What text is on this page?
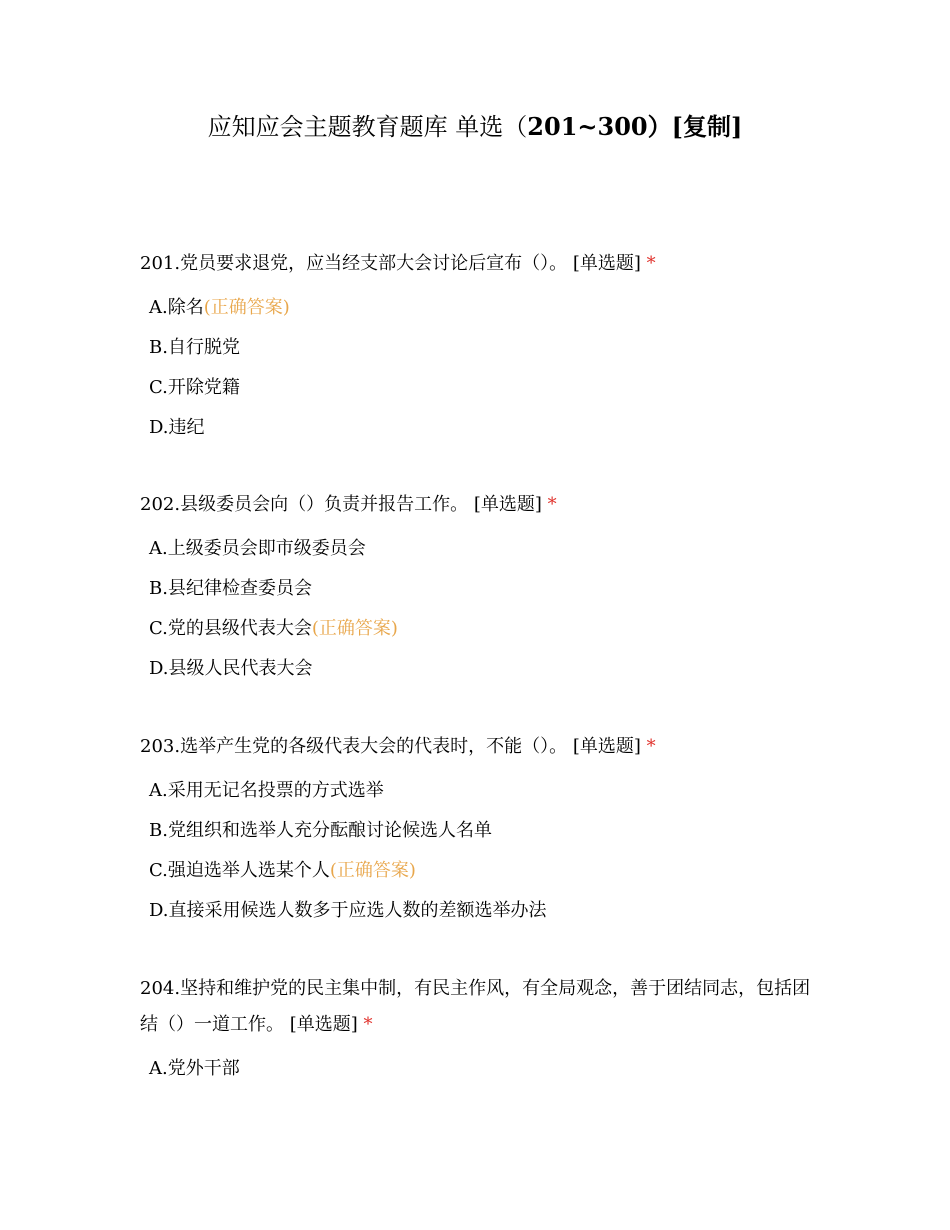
应知应会主题教育题库 单选（201~300）[复制]
201.党员要求退党，应当经支部大会讨论后宣布（）。 [单选题] *
A.除名(正确答案)
B.自行脱党
C.开除党籍
D.违纪
202.县级委员会向（）负责并报告工作。 [单选题] *
A.上级委员会即市级委员会
B.县纪律检查委员会
C.党的县级代表大会(正确答案)
D.县级人民代表大会
203.选举产生党的各级代表大会的代表时，不能（）。 [单选题] *
A.采用无记名投票的方式选举
B.党组织和选举人充分酝酿讨论候选人名单
C.强迫选举人选某个人(正确答案)
D.直接采用候选人数多于应选人数的差额选举办法
204.坚持和维护党的民主集中制，有民主作风，有全局观念，善于团结同志，包括团结（）一道工作。 [单选题] *
A.党外干部
